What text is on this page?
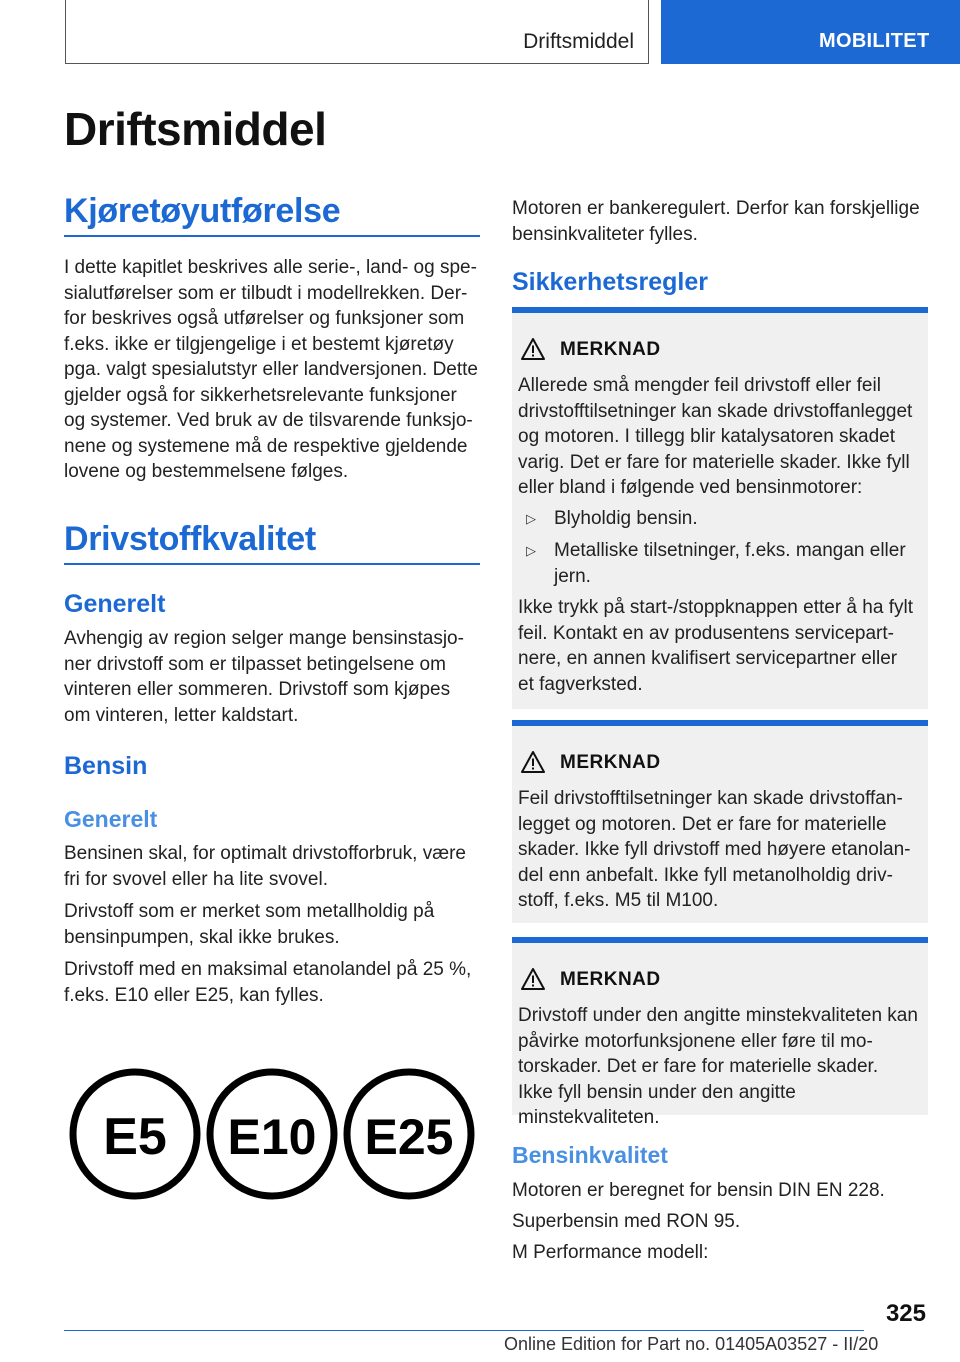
Driftsmiddel	MOBILITET
Driftsmiddel
Kjøretøyutførelse
I dette kapitlet beskrives alle serie-, land- og spesialutførelser som er tilbudt i modellrekken. Derfor beskrives også utførelser og funksjoner som f.eks. ikke er tilgjengelige i et bestemt kjøretøy pga. valgt spesialutstyr eller landversjonen. Dette gjelder også for sikkerhetsrelevante funksjoner og systemer. Ved bruk av de tilsvarende funksjonene og systemene må de respektive gjeldende lovene og bestemmelsene følges.
Drivstoffkvalitet
Generelt
Avhengig av region selger mange bensinstasjoner drivstoff som er tilpasset betingelsene om vinteren eller sommeren. Drivstoff som kjøpes om vinteren, letter kaldstart.
Bensin
Generelt
Bensinen skal, for optimalt drivstofforbruk, være fri for svovel eller ha lite svovel.
Drivstoff som er merket som metallholdig på bensinpumpen, skal ikke brukes.
Drivstoff med en maksimal etanolandel på 25 %, f.eks. E10 eller E25, kan fylles.
E5 E10 E25
Motoren er bankeregulert. Derfor kan forskjellige bensinkvaliteter fylles.
Sikkerhetsregler
MERKNAD
Allerede små mengder feil drivstoff eller feil drivstofftilsetninger kan skade drivstoffanlegget og motoren. I tillegg blir katalysatoren skadet varig. Det er fare for materielle skader. Ikke fyll eller bland i følgende ved bensinmotorer:
▷ Blyholdig bensin.
▷ Metalliske tilsetninger, f.eks. mangan eller jern.
Ikke trykk på start-/stoppknappen etter å ha fylt feil. Kontakt en av produsentens servicepartnere, en annen kvalifisert servicepartner eller et fagverksted.
MERKNAD
Feil drivstofftilsetninger kan skade drivstoffanlegget og motoren. Det er fare for materielle skader. Ikke fyll drivstoff med høyere etanolandel enn anbefalt. Ikke fyll metanolholdig drivstoff, f.eks. M5 til M100.
MERKNAD
Drivstoff under den angitte minstekvaliteten kan påvirke motorfunksjonene eller føre til motorskader. Det er fare for materielle skader. Ikke fyll bensin under den angitte minstekvaliteten.
Bensinkvalitet
Motoren er beregnet for bensin DIN EN 228.
Superbensin med RON 95.
M Performance modell:
325
Online Edition for Part no. 01405A03527 - II/20
